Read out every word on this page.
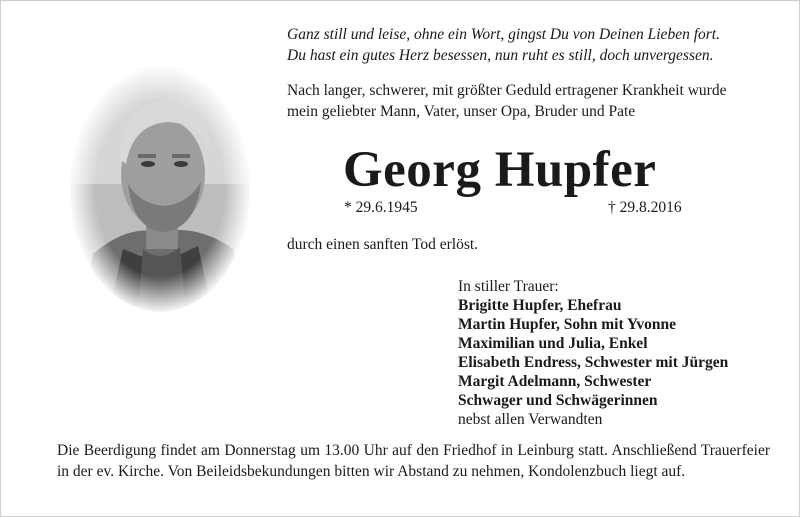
Ganz still und leise, ohne ein Wort, gingst Du von Deinen Lieben fort.
Du hast ein gutes Herz besessen, nun ruht es still, doch unvergessen.
Nach langer, schwerer, mit größter Geduld ertragener Krankheit wurde
mein geliebter Mann, Vater, unser Opa, Bruder und Pate
Georg Hupfer
* 29.6.1945	† 29.8.2016
durch einen sanften Tod erlöst.
In stiller Trauer:
Brigitte Hupfer, Ehefrau
Martin Hupfer, Sohn mit Yvonne
Maximilian und Julia, Enkel
Elisabeth Endress, Schwester mit Jürgen
Margit Adelmann, Schwester
Schwager und Schwägerinnen
nebst allen Verwandten
Die Beerdigung findet am Donnerstag um 13.00 Uhr auf den Friedhof in Leinburg statt. Anschließend Trauerfeier in der ev. Kirche. Von Beileidsbekundungen bitten wir Abstand zu nehmen, Kondolenzbuch liegt auf.
